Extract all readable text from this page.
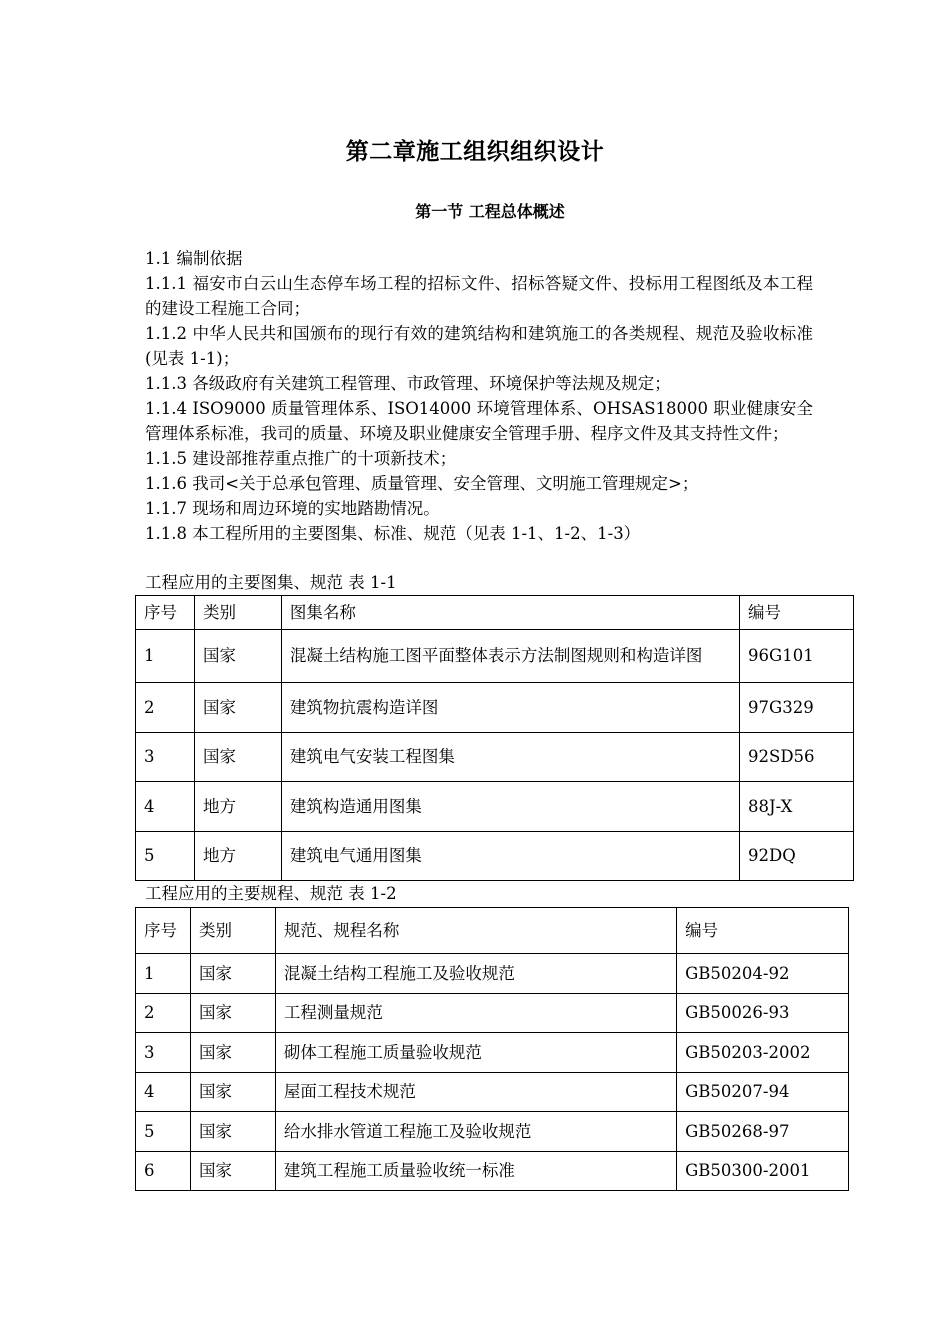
第二章施工组织组织设计
第一节 工程总体概述

1.1 编制依据

1.1.1 福安市白云山生态停车场工程的招标文件、招标答疑文件、投标用工程图纸及本工程的建设工程施工合同；

1.1.2 中华人民共和国颁布的现行有效的建筑结构和建筑施工的各类规程、规范及验收标准(见表 1-1)；

1.1.3 各级政府有关建筑工程管理、市政管理、环境保护等法规及规定；

1.1.4 ISO9000 质量管理体系、ISO14000 环境管理体系、OHSAS18000 职业健康安全管理体系标准，我司的质量、环境及职业健康安全管理手册、程序文件及其支持性文件；

1.1.5 建设部推荐重点推广的十项新技术；

1.1.6 我司<关于总承包管理、质量管理、安全管理、文明施工管理规定>；

1.1.7 现场和周边环境的实地踏勘情况。

1.1.8 本工程所用的主要图集、标准、规范（见表 1-1、1-2、1-3）

工程应用的主要图集、规范 表 1-1
序号	类别	图集名称	编号
1	国家	混凝土结构施工图平面整体表示方法制图规则和构造详图	96G101
2	国家	建筑物抗震构造详图	97G329
3	国家	建筑电气安装工程图集	92SD56
4	地方	建筑构造通用图集	88J-X
5	地方	建筑电气通用图集	92DQ
工程应用的主要规程、规范 表 1-2
序号	类别	规范、规程名称	编号
1	国家	混凝土结构工程施工及验收规范	GB50204-92
2	国家	工程测量规范	GB50026-93
3	国家	砌体工程施工质量验收规范	GB50203-2002
4	国家	屋面工程技术规范	GB50207-94
5	国家	给水排水管道工程施工及验收规范	GB50268-97
6	国家	建筑工程施工质量验收统一标准	GB50300-2001
